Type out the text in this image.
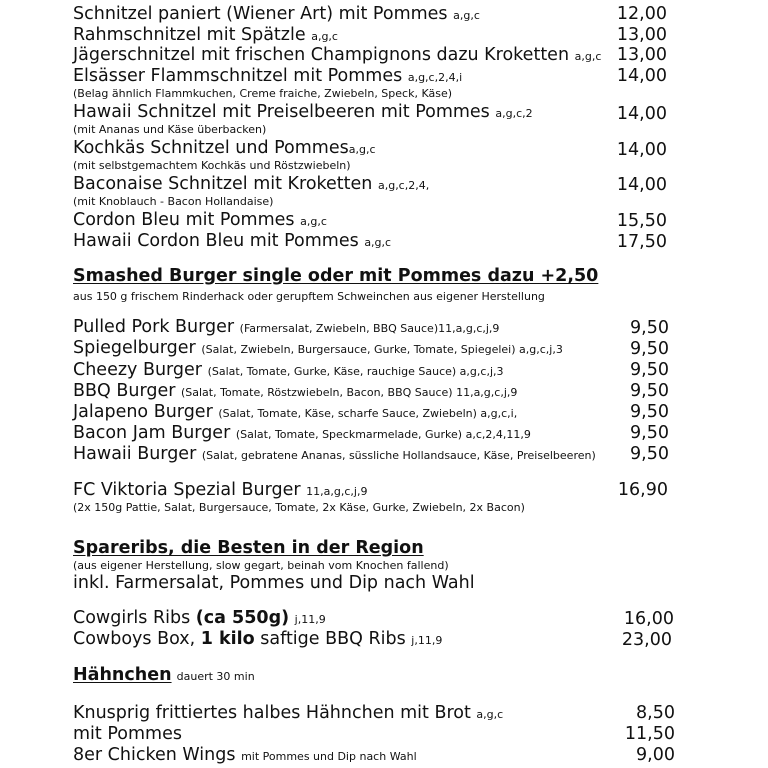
Schnitzel paniert (Wiener Art) mit Pommes a,g,c	12,00
Rahmschnitzel mit Spätzle a,g,c	13,00
Jägerschnitzel mit frischen Champignons dazu Kroketten a,g,c 13,00
Elsässer Flammschnitzel mit Pommes a,g,c,2,4,i	14,00
(Belag ähnlich Flammkuchen, Creme fraiche, Zwiebeln, Speck, Käse)
Hawaii Schnitzel mit Preiselbeeren mit Pommes a,g,c,2	14,00
(mit Ananas und Käse überbacken)
Kochkäs Schnitzel und Pommesa,g,c	14,00
(mit selbstgemachtem Kochkäs und Röstzwiebeln)
Baconaise Schnitzel mit Kroketten a,g,c,2,4,	14,00
(mit Knoblauch - Bacon Hollandaise)
Cordon Bleu mit Pommes a,g,c	15,50
Hawaii Cordon Bleu mit Pommes a,g,c	17,50
Smashed Burger single oder mit Pommes dazu +2,50
aus 150 g frischem Rinderhack oder gerupftem Schweinchen aus eigener Herstellung
Pulled Pork Burger (Farmersalat, Zwiebeln, BBQ Sauce)11,a,g,c,j,9	9,50
Spiegelburger (Salat, Zwiebeln, Burgersauce, Gurke, Tomate, Spiegelei) a,g,c,j,3	9,50
Cheezy Burger (Salat, Tomate, Gurke, Käse, rauchige Sauce) a,g,c,j,3	9,50
BBQ Burger (Salat, Tomate, Röstzwiebeln, Bacon, BBQ Sauce) 11,a,g,c,j,9	9,50
Jalapeno Burger (Salat, Tomate, Käse, scharfe Sauce, Zwiebeln) a,g,c,i,	9,50
Bacon Jam Burger (Salat, Tomate, Speckmarmelade, Gurke) a,c,2,4,11,9	9,50
Hawaii Burger (Salat, gebratene Ananas, süssliche Hollandsauce, Käse, Preiselbeeren) 9,50
FC Viktoria Spezial Burger 11,a,g,c,j,9	16,90
(2x 150g Pattie, Salat, Burgersauce, Tomate, 2x Käse, Gurke, Zwiebeln, 2x Bacon)
Spareribs, die Besten in der Region
(aus eigener Herstellung, slow gegart, beinah vom Knochen fallend)
inkl. Farmersalat, Pommes und Dip nach Wahl
Cowgirls Ribs (ca 550g) j,11,9	16,00
Cowboys Box, 1 kilo saftige BBQ Ribs j,11,9	23,00
Hähnchen dauert 30 min
Knusprig frittiertes halbes Hähnchen mit Brot a,g,c	8,50
mit Pommes	11,50
8er Chicken Wings mit Pommes und Dip nach Wahl	9,00
